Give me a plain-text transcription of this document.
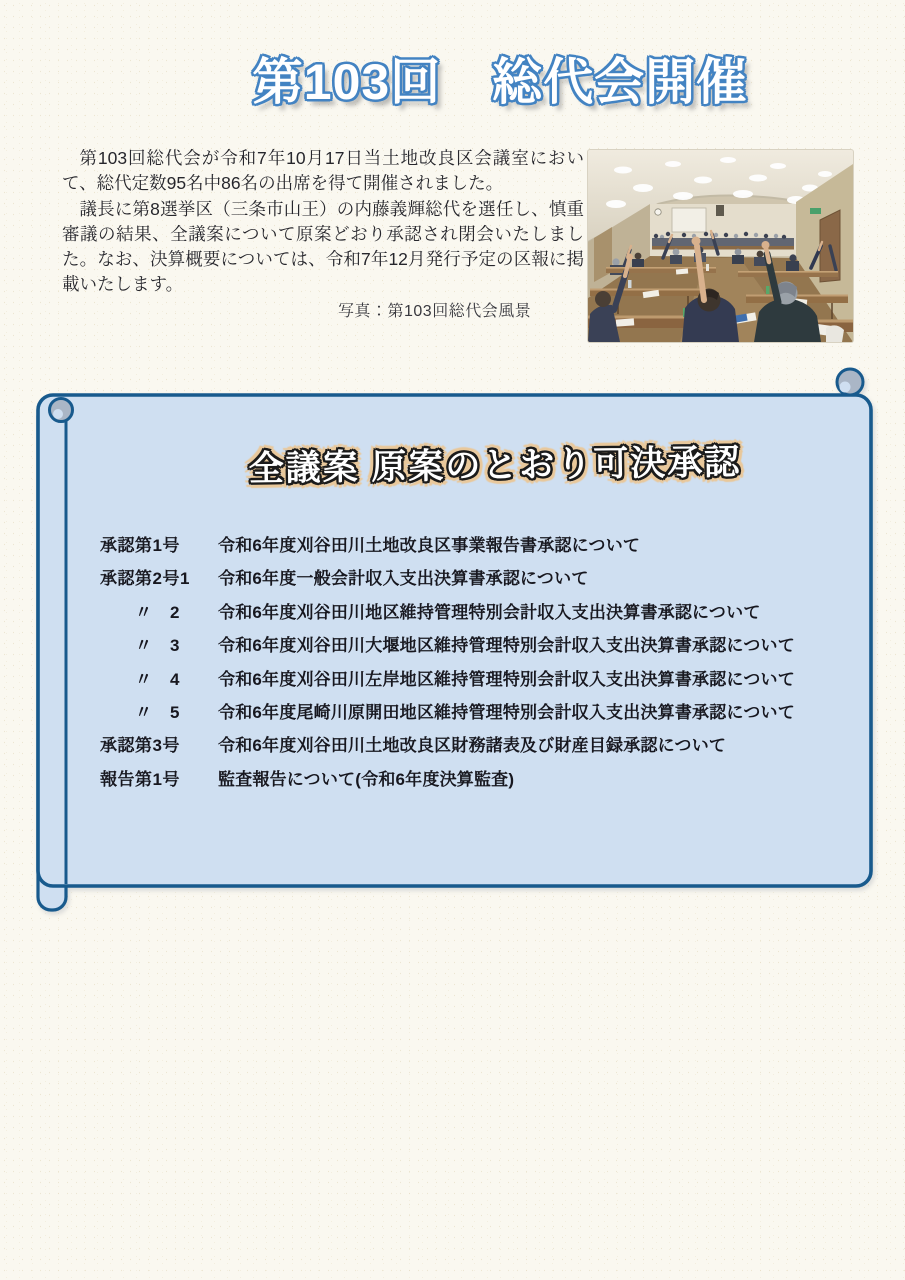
第103回　総代会開催

第103回総代会が令和7年10月17日当土地改良区会議室において、総代定数95名中86名の出席を得て開催されました。

議長に第8選挙区（三条市山王）の内藤義輝総代を選任し、慎重審議の結果、全議案について原案どおり承認され閉会いたしました。なお、決算概要については、令和7年12月発行予定の区報に掲載いたします。

写真：第103回総代会風景
全議案 原案のとおり可決承認
承認第1号	令和6年度刈谷田川土地改良区事業報告書承認について
承認第2号1	令和6年度一般会計収入支出決算書承認について
　　〃　2	令和6年度刈谷田川地区維持管理特別会計収入支出決算書承認について
　　〃　3	令和6年度刈谷田川大堰地区維持管理特別会計収入支出決算書承認について
　　〃　4	令和6年度刈谷田川左岸地区維持管理特別会計収入支出決算書承認について
　　〃　5	令和6年度尾崎川原開田地区維持管理特別会計収入支出決算書承認について
承認第3号	令和6年度刈谷田川土地改良区財務諸表及び財産目録承認について
報告第1号	監査報告について(令和6年度決算監査)
